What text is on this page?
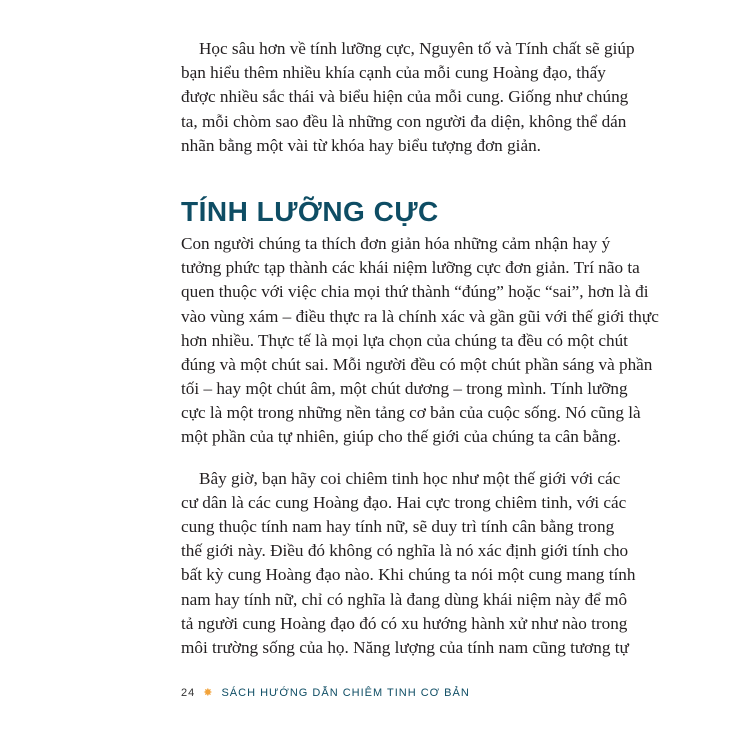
Học sâu hơn về tính lưỡng cực, Nguyên tố và Tính chất sẽ giúp
bạn hiểu thêm nhiều khía cạnh của mỗi cung Hoàng đạo, thấy
được nhiều sắc thái và biểu hiện của mỗi cung. Giống như chúng
ta, mỗi chòm sao đều là những con người đa diện, không thể dán
nhãn bằng một vài từ khóa hay biểu tượng đơn giản.
TÍNH LƯỠNG CỰC
Con người chúng ta thích đơn giản hóa những cảm nhận hay ý
tưởng phức tạp thành các khái niệm lưỡng cực đơn giản. Trí não ta
quen thuộc với việc chia mọi thứ thành “đúng” hoặc “sai”, hơn là đi
vào vùng xám – điều thực ra là chính xác và gần gũi với thế giới thực
hơn nhiều. Thực tế là mọi lựa chọn của chúng ta đều có một chút
đúng và một chút sai. Mỗi người đều có một chút phần sáng và phần
tối – hay một chút âm, một chút dương – trong mình. Tính lưỡng
cực là một trong những nền tảng cơ bản của cuộc sống. Nó cũng là
một phần của tự nhiên, giúp cho thế giới của chúng ta cân bằng.
Bây giờ, bạn hãy coi chiêm tinh học như một thế giới với các
cư dân là các cung Hoàng đạo. Hai cực trong chiêm tinh, với các
cung thuộc tính nam hay tính nữ, sẽ duy trì tính cân bằng trong
thế giới này. Điều đó không có nghĩa là nó xác định giới tính cho
bất kỳ cung Hoàng đạo nào. Khi chúng ta nói một cung mang tính
nam hay tính nữ, chỉ có nghĩa là đang dùng khái niệm này để mô
tả người cung Hoàng đạo đó có xu hướng hành xử như nào trong
môi trường sống của họ. Năng lượng của tính nam cũng tương tự
24 ✸ SÁCH HƯỚNG DẪN CHIÊM TINH CƠ BẢN
